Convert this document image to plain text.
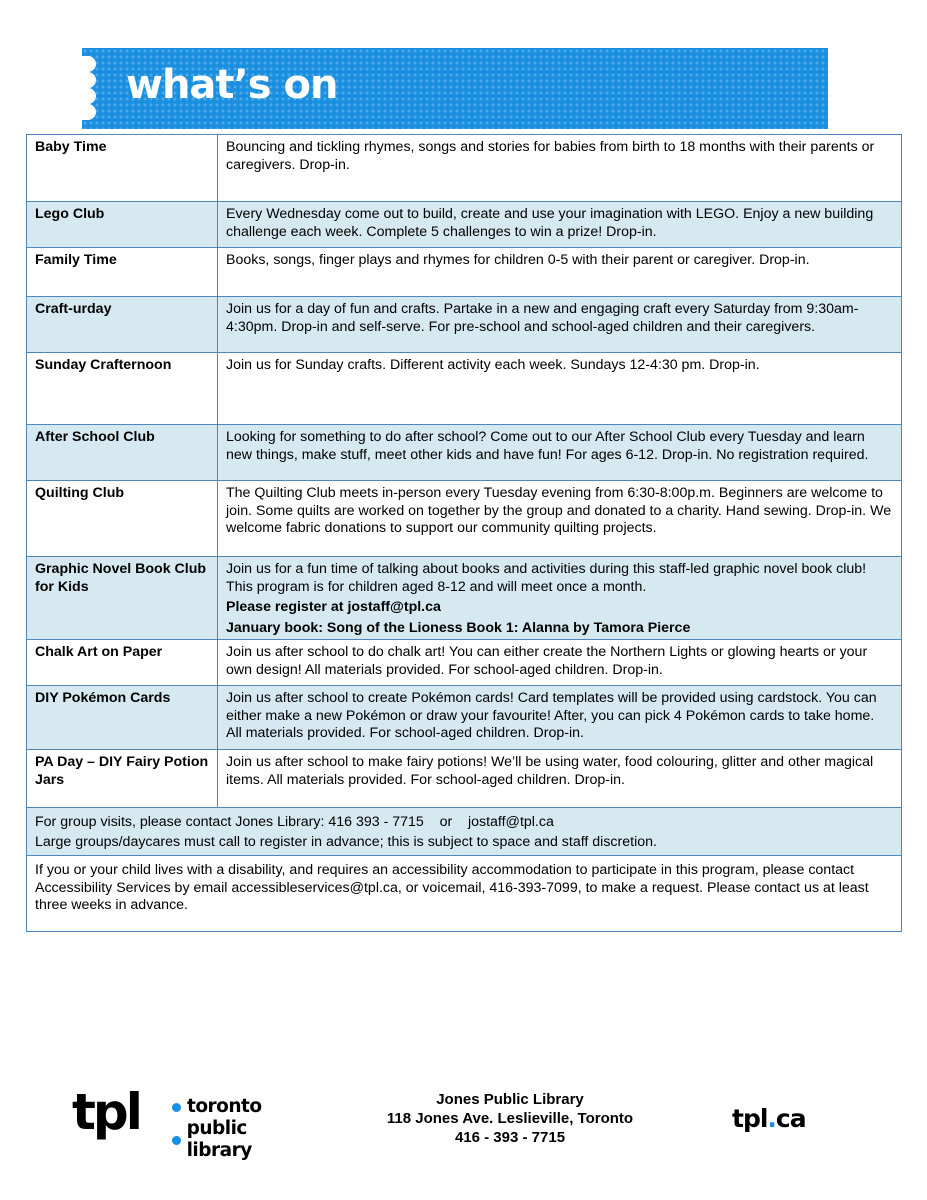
what’s on
Baby Time	Bouncing and tickling rhymes, songs and stories for babies from birth to 18 months with their parents or caregivers. Drop-in.
Lego Club	Every Wednesday come out to build, create and use your imagination with LEGO. Enjoy a new building challenge each week. Complete 5 challenges to win a prize! Drop-in.
Family Time	Books, songs, finger plays and rhymes for children 0-5 with their parent or caregiver. Drop-in.
Craft-urday	Join us for a day of fun and crafts. Partake in a new and engaging craft every Saturday from 9:30am-4:30pm. Drop-in and self-serve. For pre-school and school-aged children and their caregivers.
Sunday Crafternoon	Join us for Sunday crafts. Different activity each week. Sundays 12-4:30 pm. Drop-in.
After School Club	Looking for something to do after school? Come out to our After School Club every Tuesday and learn new things, make stuff, meet other kids and have fun! For ages 6-12. Drop-in. No registration required.
Quilting Club	The Quilting Club meets in-person every Tuesday evening from 6:30-8:00p.m. Beginners are welcome to join. Some quilts are worked on together by the group and donated to a charity. Hand sewing. Drop-in. We welcome fabric donations to support our community quilting projects.
Graphic Novel Book Club for Kids	Join us for a fun time of talking about books and activities during this staff-led graphic novel book club! This program is for children aged 8-12 and will meet once a month.

Please register at jostaff@tpl.ca

January book: Song of the Lioness Book 1: Alanna by Tamora Pierce

Chalk Art on Paper	Join us after school to do chalk art! You can either create the Northern Lights or glowing hearts or your own design! All materials provided. For school-aged children. Drop-in.
DIY Pokémon Cards	Join us after school to create Pokémon cards! Card templates will be provided using cardstock. You can either make a new Pokémon or draw your favourite! After, you can pick 4 Pokémon cards to take home. All materials provided. For school-aged children. Drop-in.
PA Day – DIY Fairy Potion Jars	Join us after school to make fairy potions! We’ll be using water, food colouring, glitter and other magical items. All materials provided. For school-aged children. Drop-in.

For group visits, please contact Jones Library: 416 393 - 7715    or    jostaff@tpl.ca

Large groups/daycares must call to register in advance; this is subject to space and staff discretion.	

If you or your child lives with a disability, and requires an accessibility accommodation to participate in this program, please contact Accessibility Services by email accessibleservices@tpl.ca, or voicemail, 416-393-7099, to make a request. Please contact us at least three weeks in advance.	
tpl	toronto
public library
Jones Public Library
118 Jones Ave. Leslieville, Toronto
416 - 393 - 7715
tpl.ca
